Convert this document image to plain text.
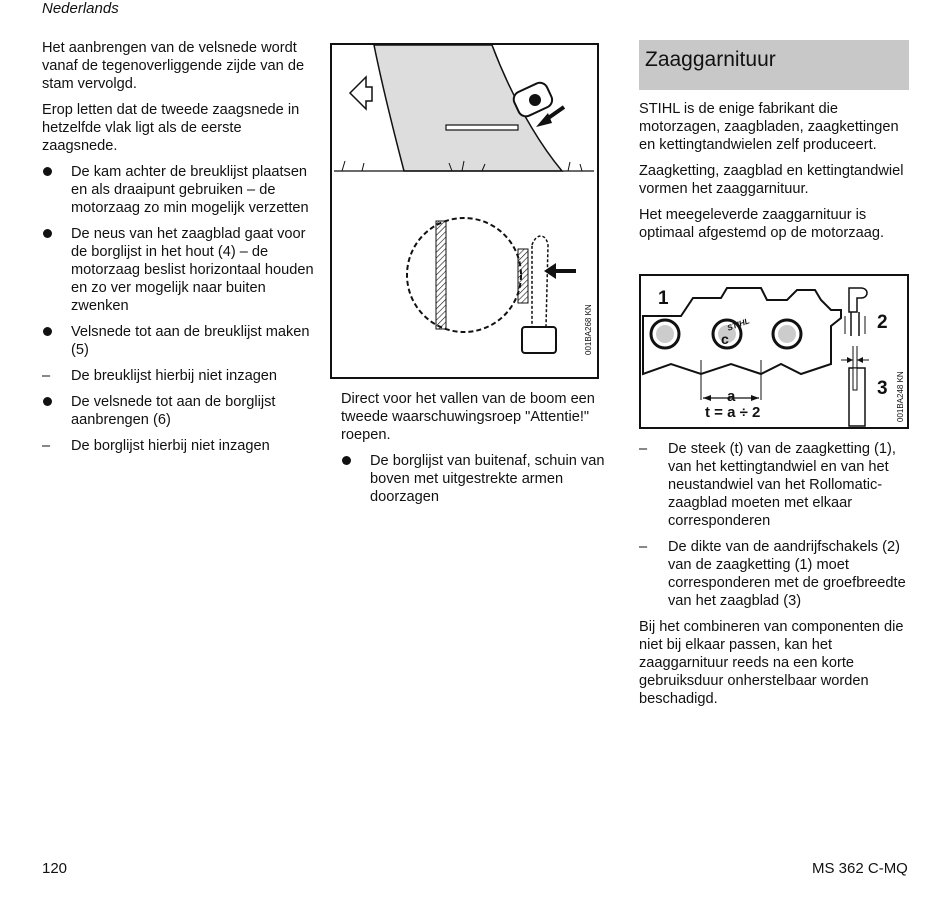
Nederlands

Het aanbrengen van de velsnede wordt vanaf de tegenoverliggende zijde van de stam vervolgd.

Erop letten dat de tweede zaagsnede in hetzelfde vlak ligt als de eerste zaagsnede.

De kam achter de breuklijst plaatsen en als draaipunt gebruiken – de motorzaag zo min mogelijk verzetten
De neus van het zaagblad gaat voor de borglijst in het hout (4) – de motorzaag beslist horizontaal houden en zo ver mogelijk naar buiten zwenken
Velsnede tot aan de breuklijst maken (5)
–	De breuklijst hierbij niet inzagen
De velsnede tot aan de borglijst aanbrengen (6)
–	De borglijst hierbij niet inzagen
001BA268 KN

Direct voor het vallen van de boom een tweede waarschuwingsroep "Attentie!" roepen.

De borglijst van buitenaf, schuin van boven met uitgestrekte armen doorzagen
Zaaggarnituur

STIHL is de enige fabrikant die motorzagen, zaagbladen, zaagkettingen en kettingtandwielen zelf produceert.

Zaagketting, zaagblad en kettingtandwiel vormen het zaaggarnituur.

Het meegeleverde zaaggarnituur is optimaal afgestemd op de motorzaag.

1
2
3
c
STIHL
a
t = a ÷ 2	001BA248 KN
–	De steek (t) van de zaagketting (1), van het kettingtandwiel en van het neustandwiel van het Rollomatic-zaagblad moeten met elkaar corresponderen
–	De dikte van de aandrijfschakels (2) van de zaagketting (1) moet corresponderen met de groefbreedte van het zaagblad (3)

Bij het combineren van componenten die niet bij elkaar passen, kan het zaaggarnituur reeds na een korte gebruiksduur onherstelbaar worden beschadigd.

120	MS 362 C-MQ
